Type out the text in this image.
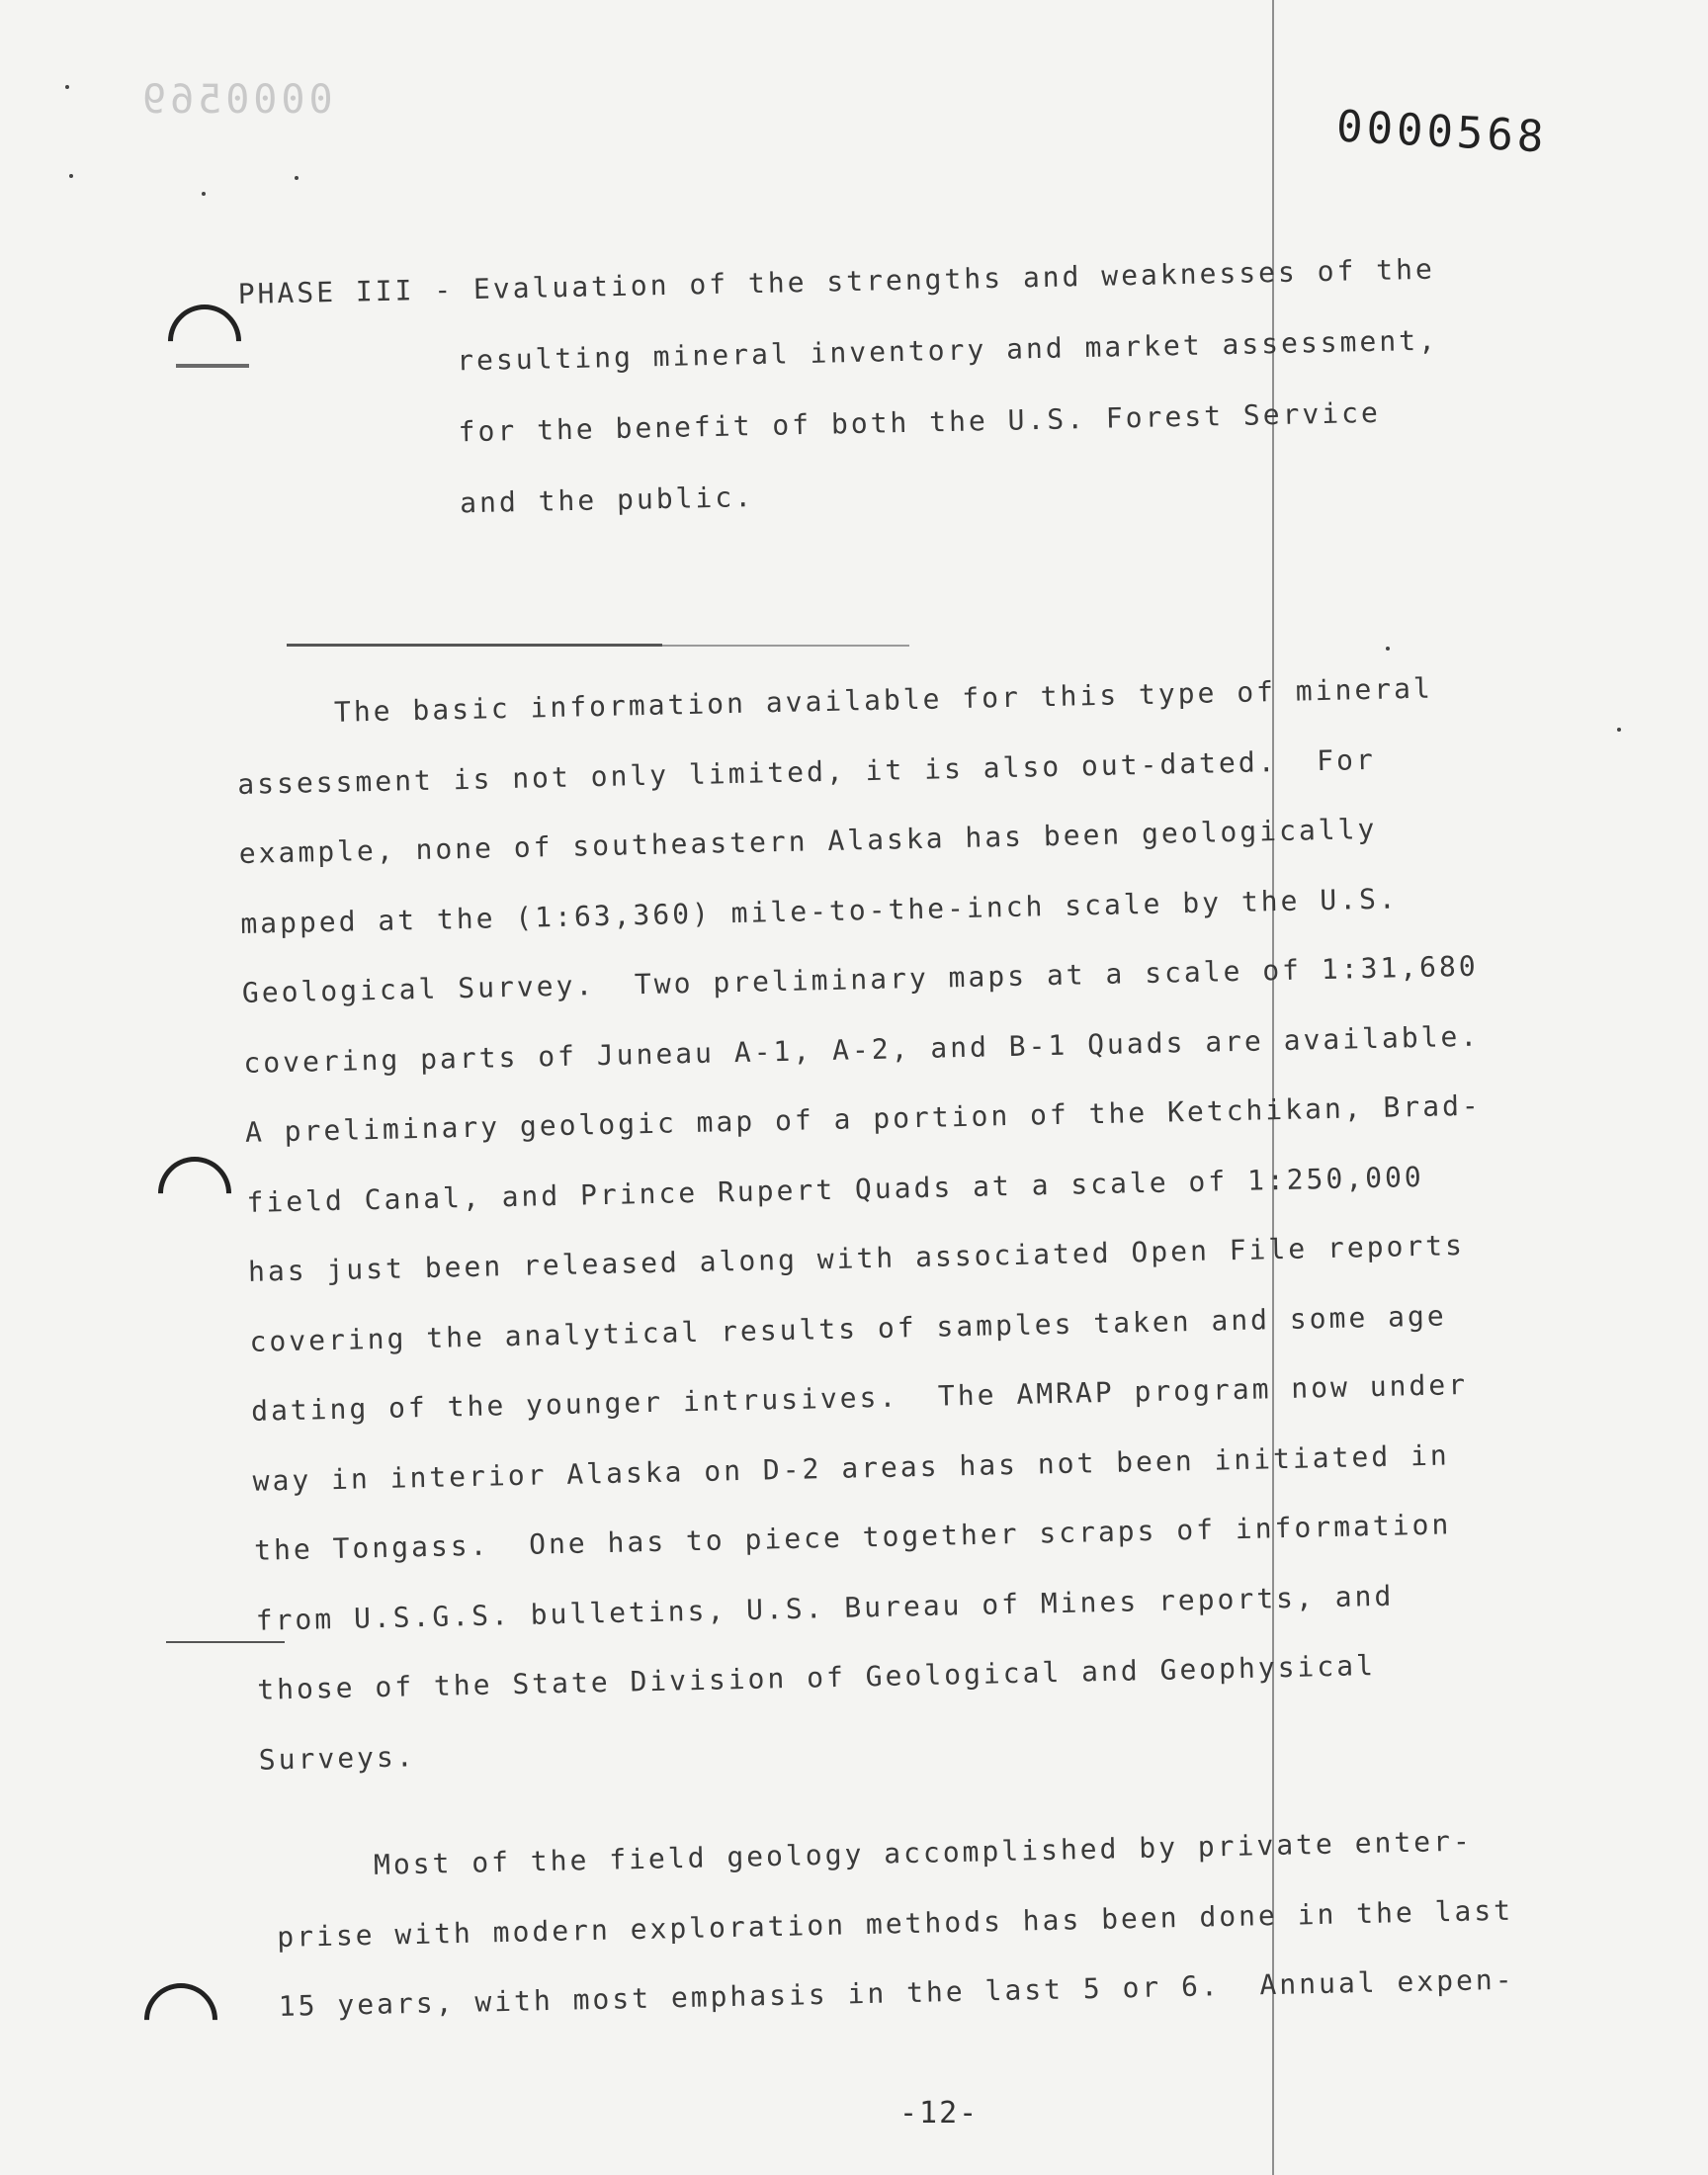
0000569
0000568
PHASE III - Evaluation of the strengths and weaknesses of the
resulting mineral inventory and market assessment,
for the benefit of both the U.S. Forest Service
and the public.
The basic information available for this type of mineral
assessment is not only limited, it is also out-dated.  For
example, none of southeastern Alaska has been geologically
mapped at the (1:63,360) mile-to-the-inch scale by the U.S.
Geological Survey.  Two preliminary maps at a scale of 1:31,680
covering parts of Juneau A-1, A-2, and B-1 Quads are available.
A preliminary geologic map of a portion of the Ketchikan, Brad-
field Canal, and Prince Rupert Quads at a scale of 1:250,000
has just been released along with associated Open File reports
covering the analytical results of samples taken and some age
dating of the younger intrusives.  The AMRAP program now under
way in interior Alaska on D-2 areas has not been initiated in
the Tongass.  One has to piece together scraps of information
from U.S.G.S. bulletins, U.S. Bureau of Mines reports, and
those of the State Division of Geological and Geophysical
Surveys.
Most of the field geology accomplished by private enter-
prise with modern exploration methods has been done in the last
15 years, with most emphasis in the last 5 or 6.  Annual expen-
-12-
